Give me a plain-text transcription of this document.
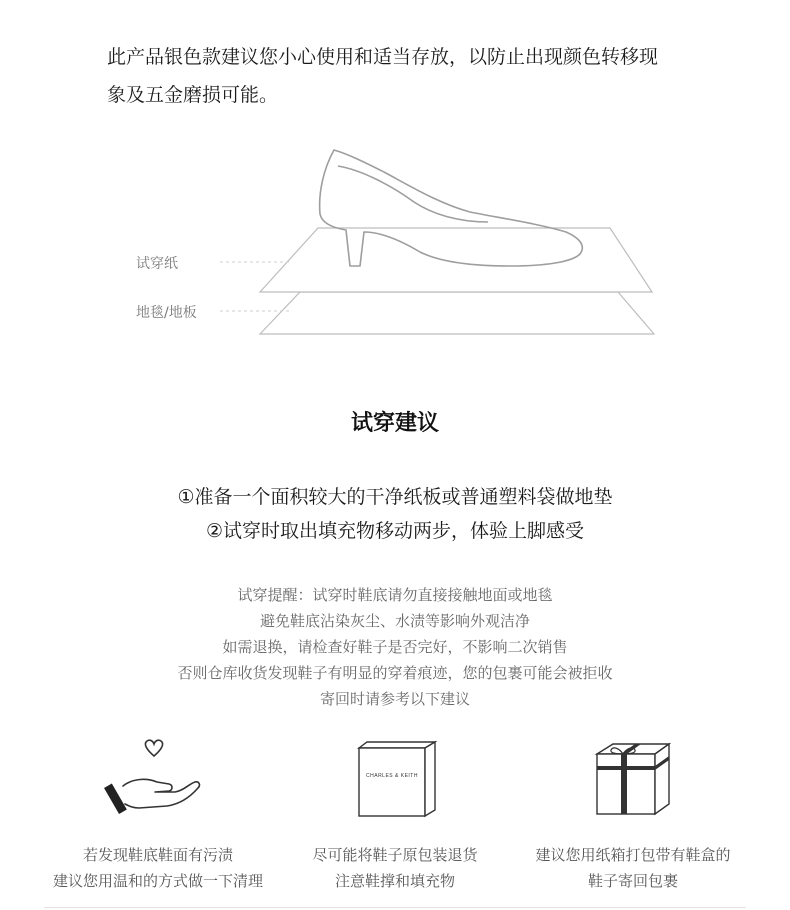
此产品银色款建议您小心使用和适当存放，以防止出现颜色转移现
象及五金磨损可能。
试穿纸
地毯/地板
试穿建议
①准备一个面积较大的干净纸板或普通塑料袋做地垫
②试穿时取出填充物移动两步，体验上脚感受
试穿提醒：试穿时鞋底请勿直接接触地面或地毯
避免鞋底沾染灰尘、水渍等影响外观洁净
如需退换，请检查好鞋子是否完好，不影响二次销售
否则仓库收货发现鞋子有明显的穿着痕迹，您的包裹可能会被拒收
寄回时请参考以下建议
若发现鞋底鞋面有污渍
建议您用温和的方式做一下清理
CHARLES & KEITH
尽可能将鞋子原包装退货
注意鞋撑和填充物
建议您用纸箱打包带有鞋盒的
鞋子寄回包裹
